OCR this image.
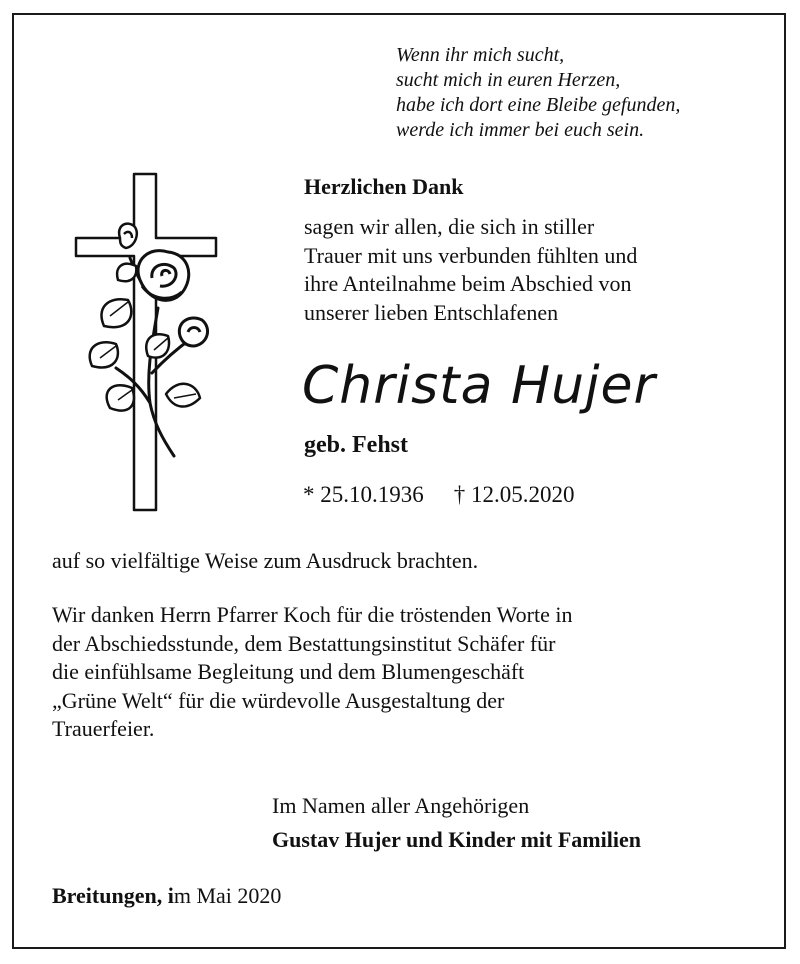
Wenn ihr mich sucht,
sucht mich in euren Herzen,
habe ich dort eine Bleibe gefunden,
werde ich immer bei euch sein.
Herzlichen Dank
sagen wir allen, die sich in stiller
Trauer mit uns verbunden fühlten und
ihre Anteilnahme beim Abschied von
unserer lieben Entschlafenen
Christa Hujer
geb. Fehst
* 25.10.1936 † 12.05.2020
auf so vielfältige Weise zum Ausdruck brachten.
Wir danken Herrn Pfarrer Koch für die tröstenden Worte in
der Abschiedsstunde, dem Bestattungsinstitut Schäfer für
die einfühlsame Begleitung und dem Blumengeschäft
„Grüne Welt“ für die würdevolle Ausgestaltung der
Trauerfeier.
Im Namen aller Angehörigen
Gustav Hujer und Kinder mit Familien
Breitungen, im Mai 2020
